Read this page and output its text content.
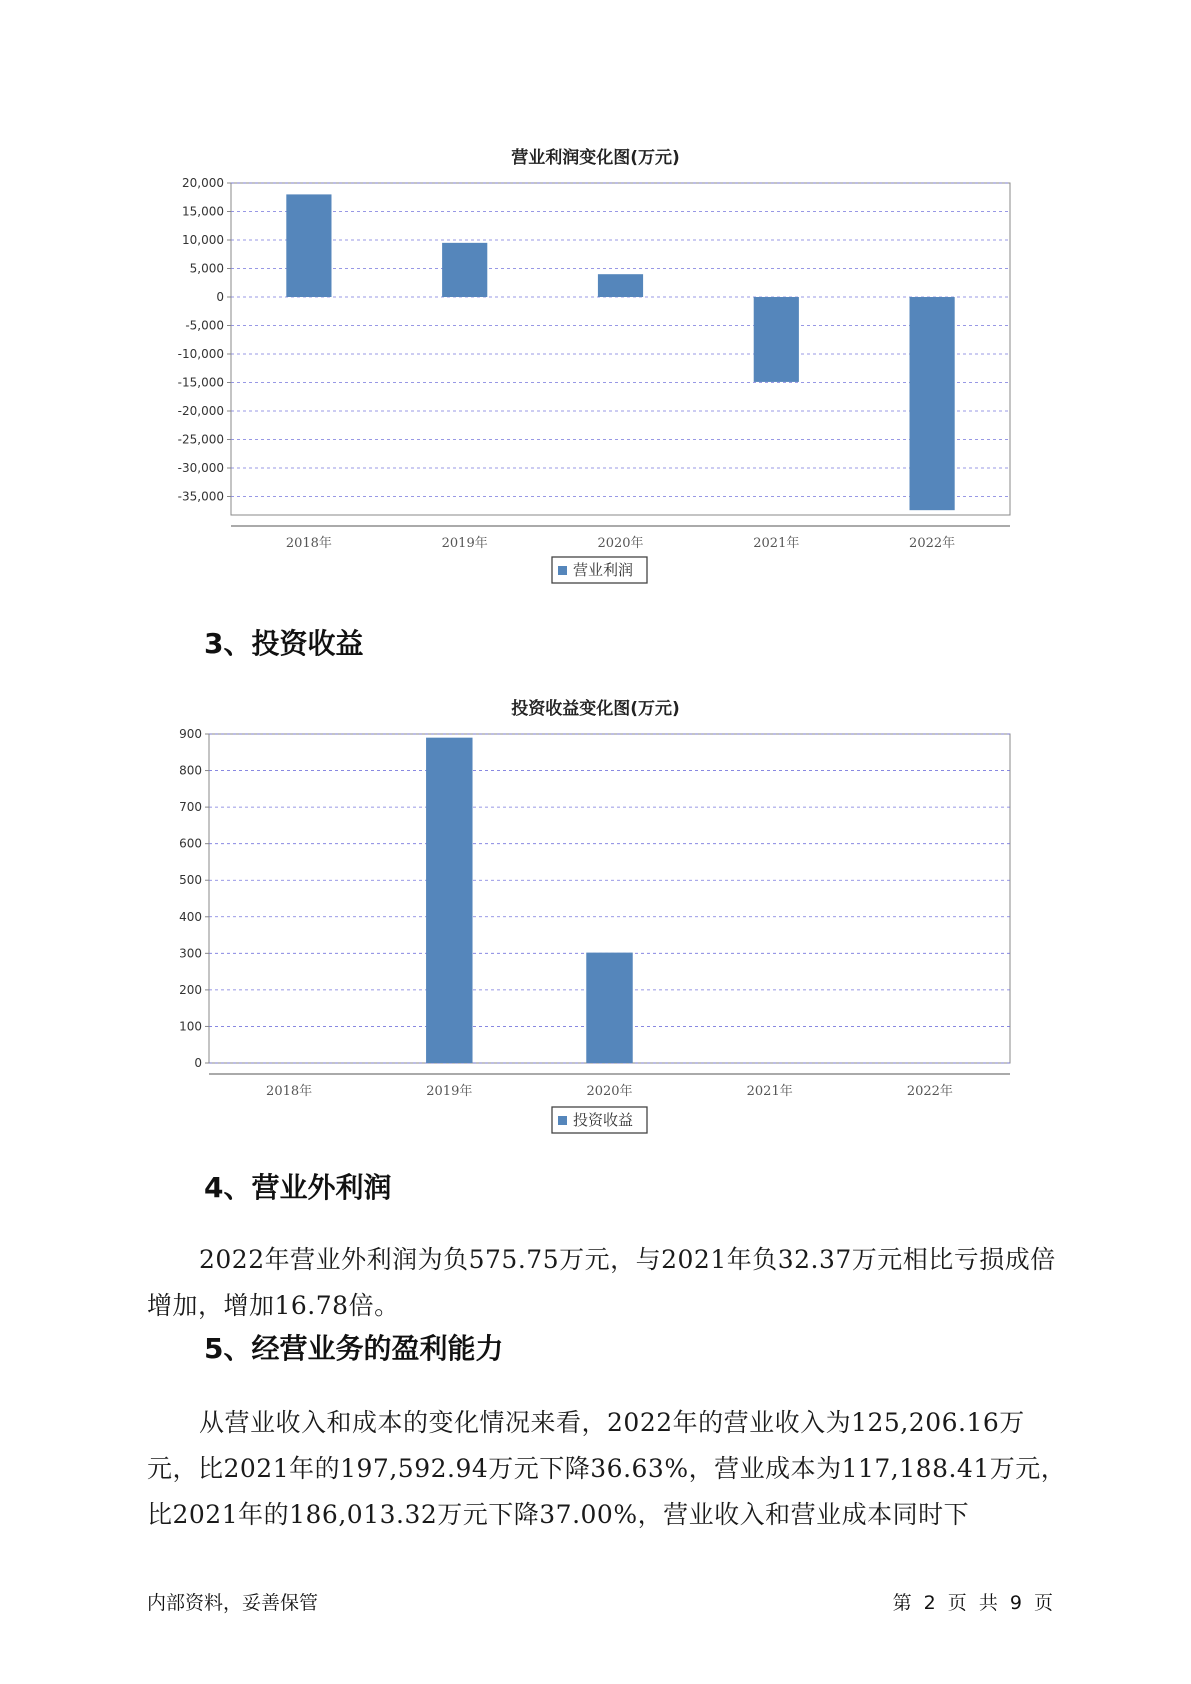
营业利润变化图(万元)
20,000
15,000
10,000
5,000
0
-5,000
-10,000
-15,000
-20,000
-25,000
-30,000
-35,000
2018年	2019年	2020年	2021年	2022年
营业利润
3、投资收益
投资收益变化图(万元)
900
800
700
600
500
400
300
200
100
0
2018年	2019年	2020年	2021年	2022年
投资收益
4、营业外利润

2022年营业外利润为负575.75万元，与2021年负32.37万元相比亏损成倍增加，增加16.78倍。

5、经营业务的盈利能力

从营业收入和成本的变化情况来看，2022年的营业收入为125,206.16万元，比2021年的197,592.94万元下降36.63%，营业成本为117,188.41万元，比2021年的186,013.32万元下降37.00%，营业收入和营业成本同时下

内部资料，妥善保管	第 2 页 共 9 页
